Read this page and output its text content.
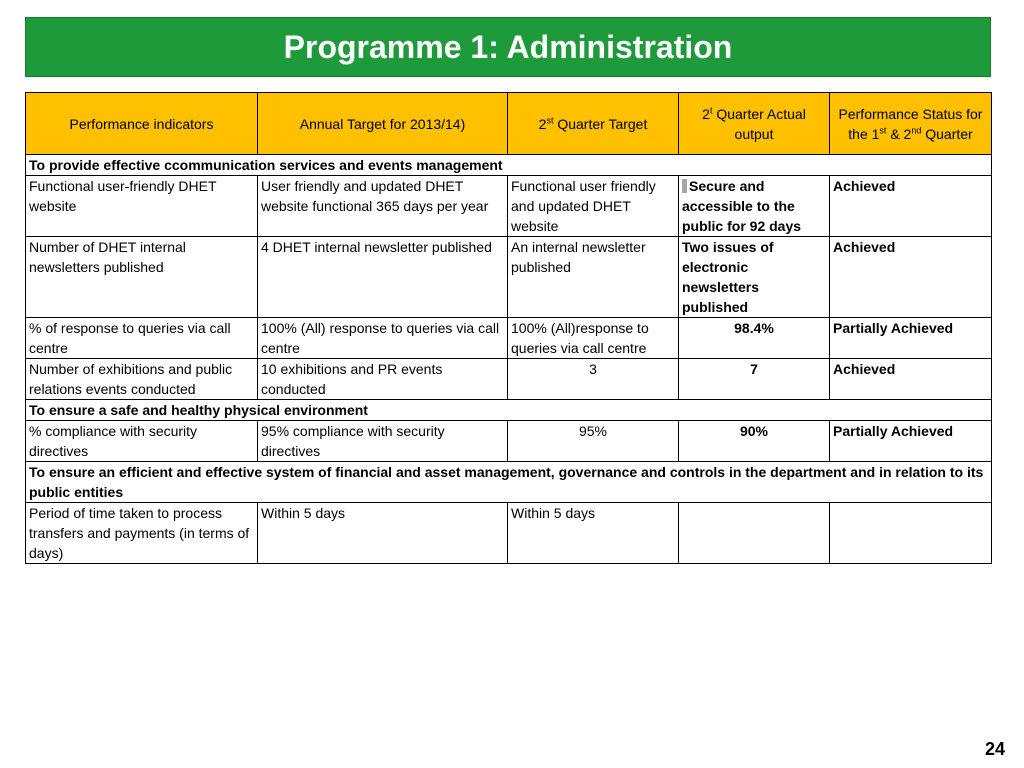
Programme 1: Administration
Performance indicators	Annual Target for 2013/14)	2st Quarter Target	2$^t$ Quarter Actual output	Performance Status for the 1st & 2nd Quarter
To provide effective ccommunication services and events management				
Functional user-friendly DHET website	User friendly and updated DHET website functional 365 days per year	Functional user friendly and updated DHET website	Secure and accessible to the public for 92 days	Achieved
Number of DHET internal newsletters published	4 DHET internal newsletter published	An internal newsletter published	Two issues of electronic newsletters published	Achieved
% of response to queries via call centre	100% (All) response to queries via call centre	100% (All)response to queries via call centre	98.4%	Partially Achieved
Number of exhibitions and public relations events conducted	10 exhibitions and PR events conducted	3	7	Achieved
To ensure a safe and healthy physical environment				
% compliance with security directives	95% compliance with security directives	95%	90%	Partially Achieved
To ensure an efficient and effective system of financial and asset management, governance and controls in the department and in relation to its public entities				
Period of time taken to process transfers and payments (in terms of days)	Within 5 days	Within 5 days		
24
